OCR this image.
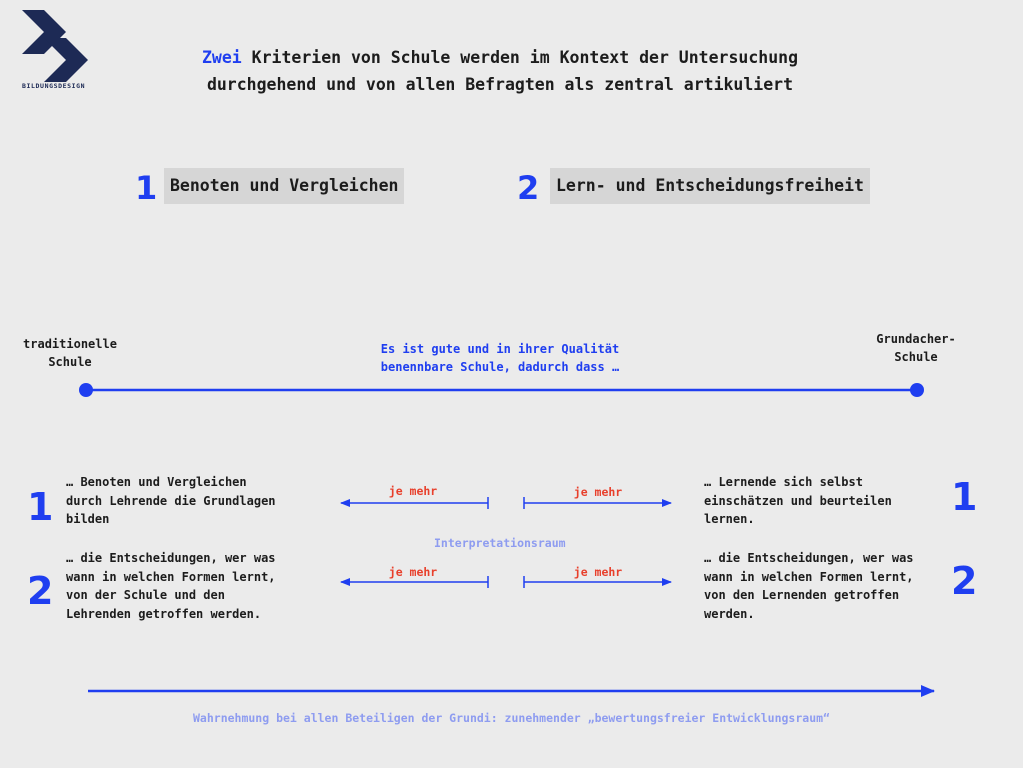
BILDUNGSDESIGN
Zwei Kriterien von Schule werden im Kontext der Untersuchung
durchgehend und von allen Befragten als zentral artikuliert
1 Benoten und Vergleichen	2	Lern- und Entscheidungsfreiheit
traditionelle
Schule
Grundacher-
Schule
Es ist gute und in ihrer Qualität
benennbare Schule, dadurch dass …
1
… Benoten und Vergleichen
durch Lehrende die Grundlagen
bilden
je mehr	je mehr
… Lernende sich selbst
einschätzen und beurteilen
lernen.	1
Interpretationsraum
2
… die Entscheidungen, wer was
wann in welchen Formen lernt,
von der Schule und den
Lehrenden getroffen werden.
je mehr	je mehr
… die Entscheidungen, wer was
wann in welchen Formen lernt,
von den Lernenden getroffen
werden.
2
Wahrnehmung bei allen Beteiligen der Grundi: zunehmender „bewertungsfreier Entwicklungsraum“
